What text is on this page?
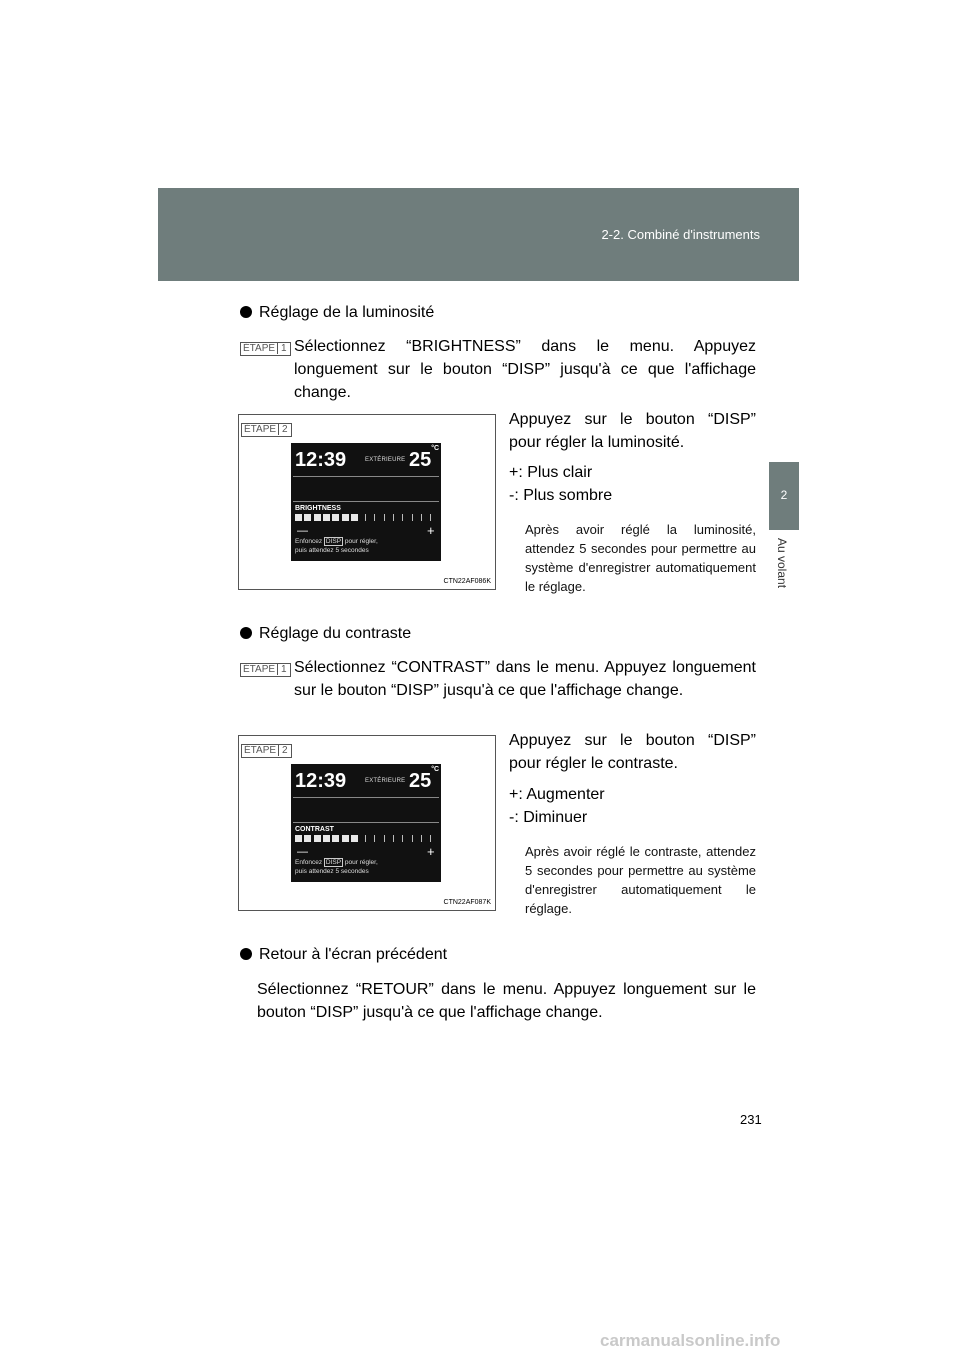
2-2. Combiné d'instruments
2
Au volant
Réglage de la luminosité
ÉTAPE 1 Sélectionnez “BRIGHTNESS” dans le menu. Appuyez longuement sur le bouton “DISP” jusqu'à ce que l'affichage change.
ÉTAPE 2
12:39	EXTÉRIEURE $25^{^\circ C}$
BRIGHTNESS
—	+
Enfoncez DISP pour régler,
puis attendez 5 secondes
CTN22AF086K
Appuyez sur le bouton “DISP” pour régler la luminosité.
+: Plus clair
-: Plus sombre
Après avoir réglé la luminosité, attendez 5 secondes pour permettre au système d'enregistrer automatiquement le réglage.
Réglage du contraste
ÉTAPE 1 Sélectionnez “CONTRAST” dans le menu. Appuyez longuement sur le bouton “DISP” jusqu'à ce que l'affichage change.
ÉTAPE 2
12:39	EXTÉRIEURE $25^{^\circ C}$
CONTRAST
—	+
Enfoncez DISP pour régler,
puis attendez 5 secondes
CTN22AF087K
Appuyez sur le bouton “DISP” pour régler le contraste.
+: Augmenter
-: Diminuer
Après avoir réglé le contraste, attendez 5 secondes pour permettre au système d'enregistrer automatiquement le réglage.
Retour à l'écran précédent
Sélectionnez “RETOUR” dans le menu. Appuyez longuement sur le bouton “DISP” jusqu'à ce que l'affichage change.
231
carmanualsonline.info
